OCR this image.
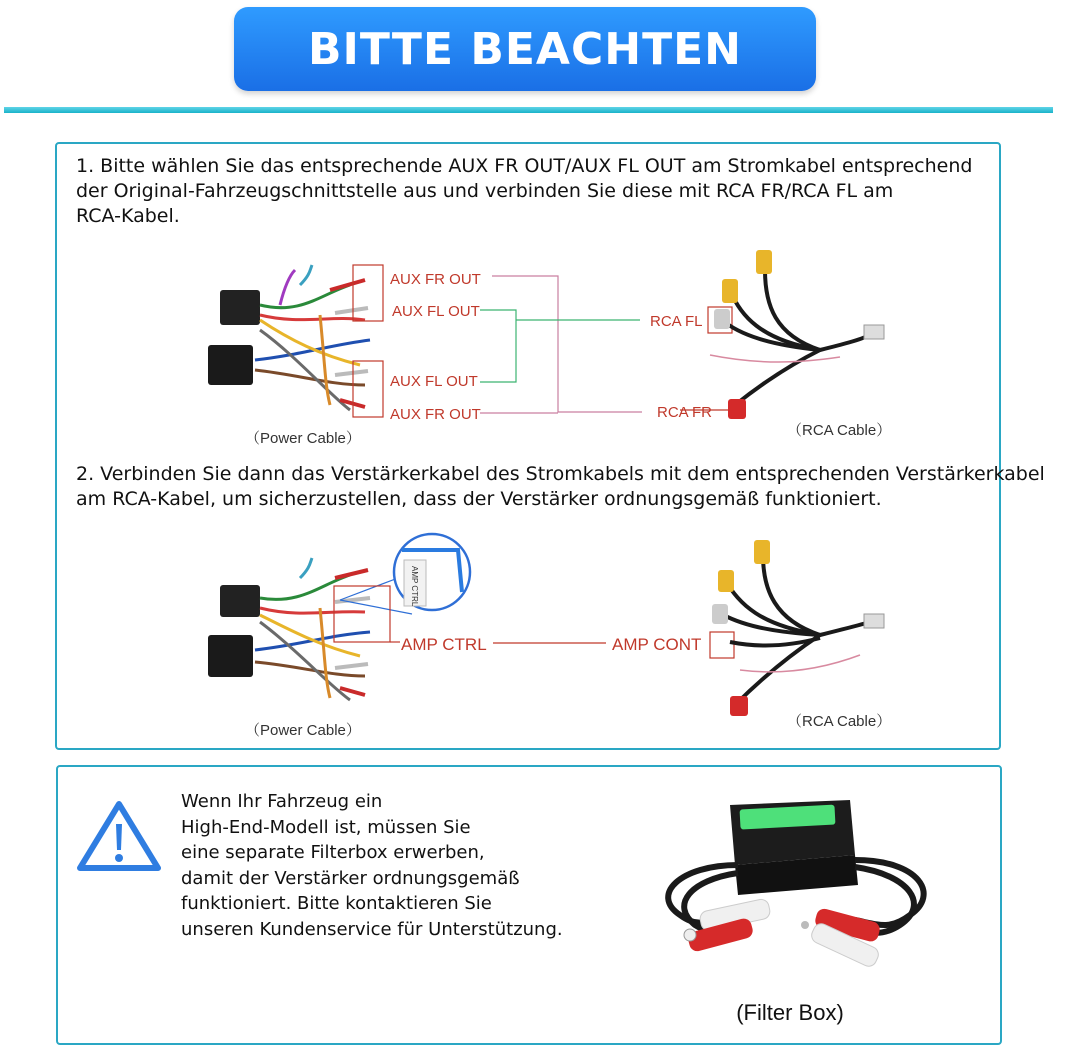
BITTE BEACHTEN
1. Bitte wählen Sie das entsprechende AUX FR OUT/AUX FL OUT am Stromkabel entsprechend
der Original-Fahrzeugschnittstelle aus und verbinden Sie diese mit RCA FR/RCA FL am
RCA-Kabel.
AUX FR OUT
AUX FL OUT
AUX FL OUT
AUX FR OUT
RCA FL
RCA FR
（Power Cable）	（RCA Cable）
2. Verbinden Sie dann das Verstärkerkabel des Stromkabels mit dem entsprechenden Verstärkerkabel
am RCA-Kabel, um sicherzustellen, dass der Verstärker ordnungsgemäß funktioniert.
AMP CTRL
AMP CTRL	AMP CONT
（Power Cable）
（RCA Cable）
Wenn Ihr Fahrzeug ein
High-End-Modell ist, müssen Sie
eine separate Filterbox erwerben,
damit der Verstärker ordnungsgemäß
funktioniert. Bitte kontaktieren Sie
unseren Kundenservice für Unterstützung.
(Filter Box)
